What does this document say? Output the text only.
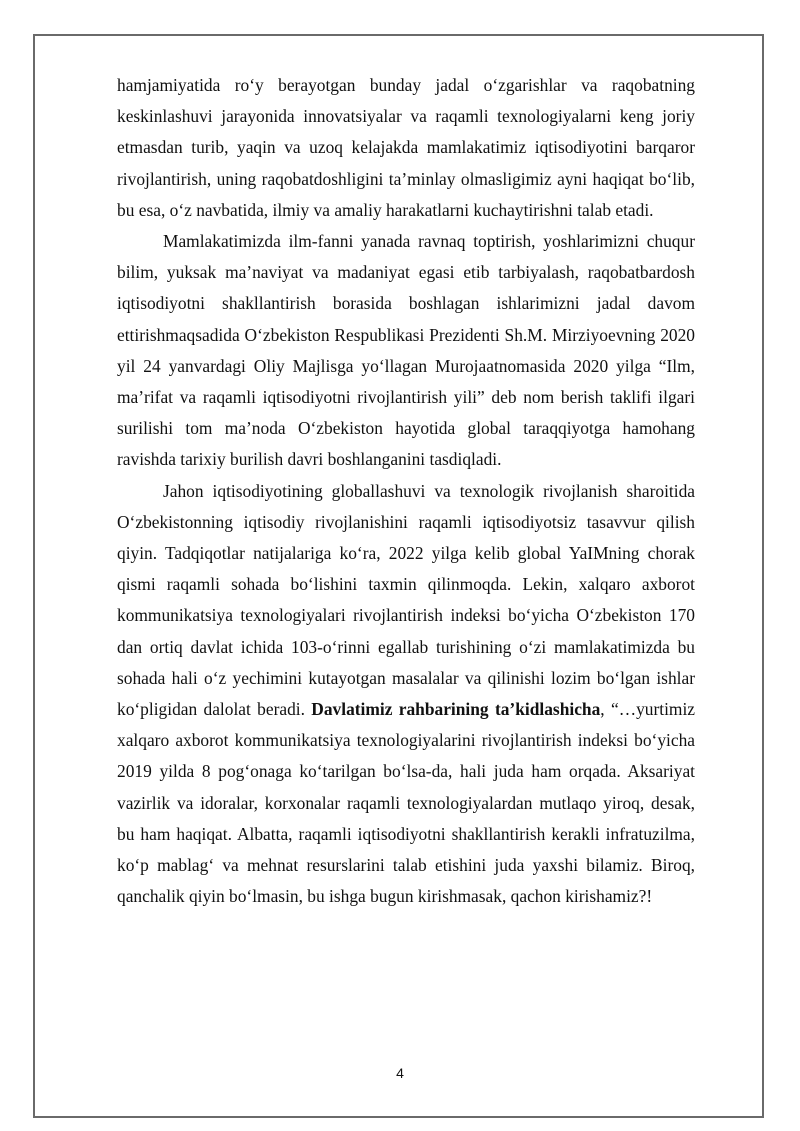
hamjamiyatida ro‘y berayotgan bunday jadal o‘zgarishlar va raqobatning keskinlashuvi jarayonida innovatsiyalar va raqamli texnologiyalarni keng joriy etmasdan turib, yaqin va uzoq kelajakda mamlakatimiz iqtisodiyotini barqaror rivojlantirish, uning raqobatdoshligini ta’minlay olmasligimiz ayni haqiqat bo‘lib, bu esa, o‘z navbatida, ilmiy va amaliy harakatlarni kuchaytirishni talab etadi.

Mamlakatimizda ilm-fanni yanada ravnaq toptirish, yoshlarimizni chuqur bilim, yuksak ma’naviyat va madaniyat egasi etib tarbiyalash, raqobatbardosh iqtisodiyotni shakllantirish borasida boshlagan ishlarimizni jadal davom ettirishmaqsadida O‘zbekiston Respublikasi Prezidenti Sh.M. Mirziyoevning 2020 yil 24 yanvardagi Oliy Majlisga yo‘llagan Murojaatnomasida 2020 yilga “Ilm, ma’rifat va raqamli iqtisodiyotni rivojlantirish yili” deb nom berish taklifi ilgari surilishi tom ma’noda O‘zbekiston hayotida global taraqqiyotga hamohang ravishda tarixiy burilish davri boshlanganini tasdiqladi.

Jahon iqtisodiyotining globallashuvi va texnologik rivojlanish sharoitida O‘zbekistonning iqtisodiy rivojlanishini raqamli iqtisodiyotsiz tasavvur qilish qiyin. Tadqiqotlar natijalariga ko‘ra, 2022 yilga kelib global YaIMning chorak qismi raqamli sohada bo‘lishini taxmin qilinmoqda. Lekin, xalqaro axborot kommunikatsiya texnologiyalari rivojlantirish indeksi bo‘yicha O‘zbekiston 170 dan ortiq davlat ichida 103-o‘rinni egallab turishining o‘zi mamlakatimizda bu sohada hali o‘z yechimini kutayotgan masalalar va qilinishi lozim bo‘lgan ishlar ko‘pligidan dalolat beradi. Davlatimiz rahbarining ta’kidlashicha, “…yurtimiz xalqaro axborot kommunikatsiya texnologiyalarini rivojlantirish indeksi bo‘yicha 2019 yilda 8 pog‘onaga ko‘tarilgan bo‘lsa-da, hali juda ham orqada. Aksariyat vazirlik va idoralar, korxonalar raqamli texnologiyalardan mutlaqo yiroq, desak, bu ham haqiqat. Albatta, raqamli iqtisodiyotni shakllantirish kerakli infratuzilma, ko‘p mablag‘ va mehnat resurslarini talab etishini juda yaxshi bilamiz. Biroq, qanchalik qiyin bo‘lmasin, bu ishga bugun kirishmasak, qachon kirishamiz?!

4
